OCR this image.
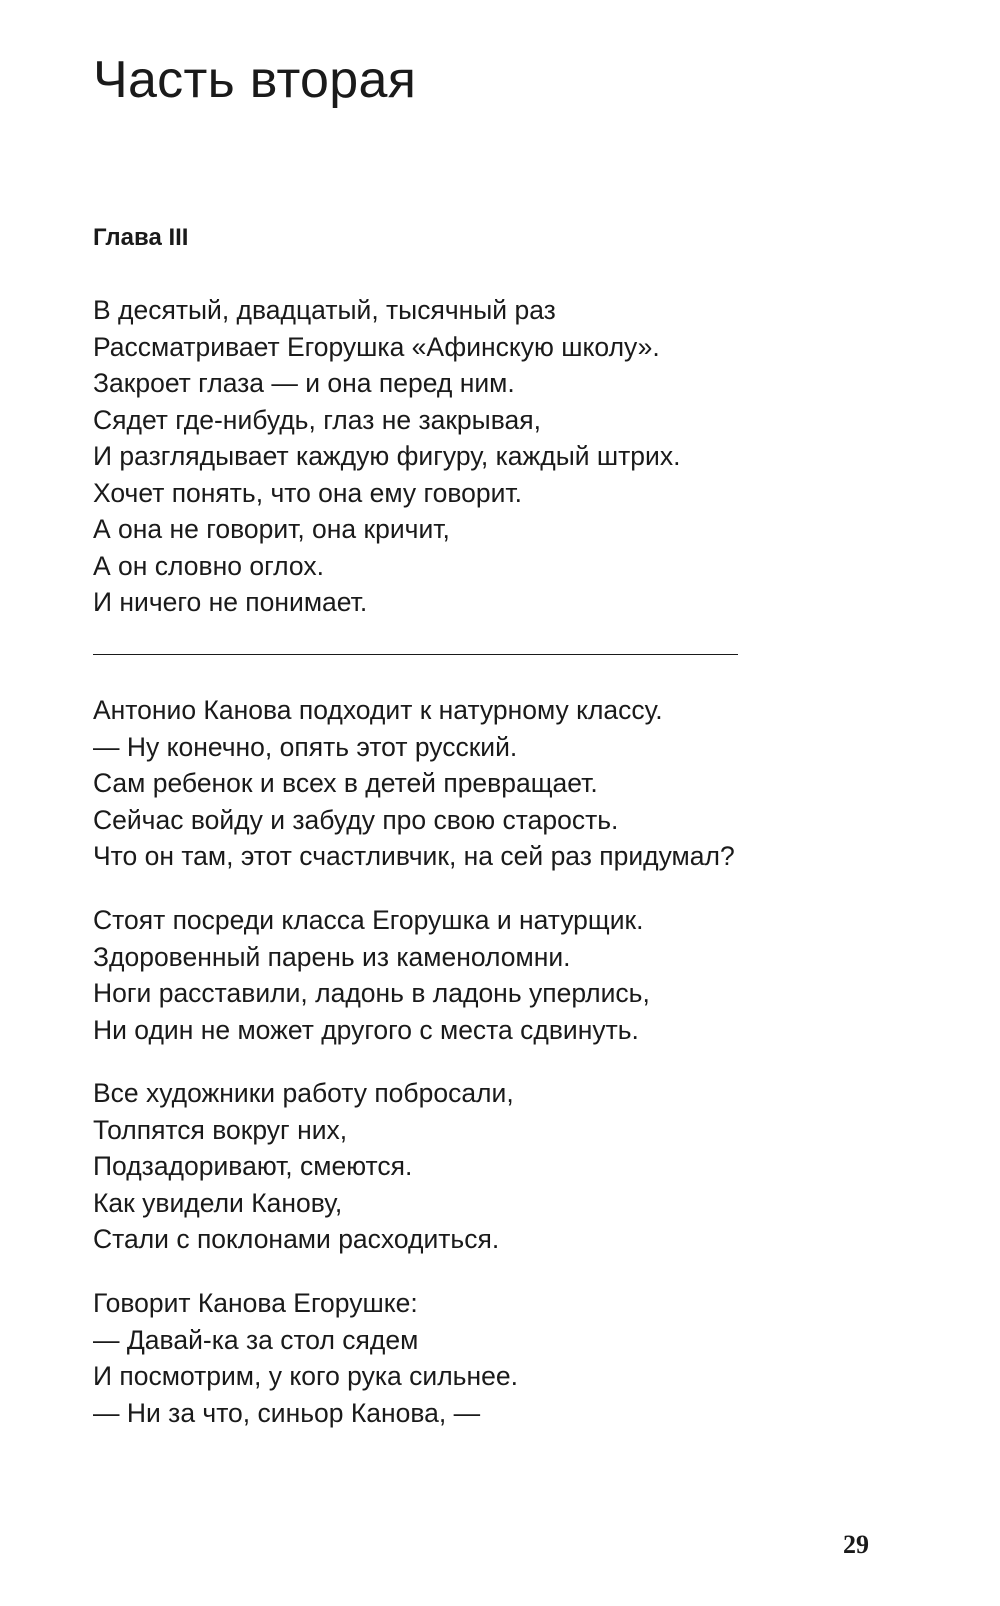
Часть вторая
Глава III
В десятый, двадцатый, тысячный раз
Рассматривает Егорушка «Афинскую школу».
Закроет глаза — и она перед ним.
Сядет где-нибудь, глаз не закрывая,
И разглядывает каждую фигуру, каждый штрих.
Хочет понять, что она ему говорит.
А она не говорит, она кричит,
А он словно оглох.
И ничего не понимает.
Антонио Канова подходит к натурному классу.
— Ну конечно, опять этот русский.
Сам ребенок и всех в детей превращает.
Сейчас войду и забуду про свою старость.
Что он там, этот счастливчик, на сей раз придумал?
Стоят посреди класса Егорушка и натурщик.
Здоровенный парень из каменоломни.
Ноги расставили, ладонь в ладонь уперлись,
Ни один не может другого с места сдвинуть.
Все художники работу побросали,
Толпятся вокруг них,
Подзадоривают, смеются.
Как увидели Канову,
Стали с поклонами расходиться.
Говорит Канова Егорушке:
— Давай-ка за стол сядем
И посмотрим, у кого рука сильнее.
— Ни за что, синьор Канова, —

29
